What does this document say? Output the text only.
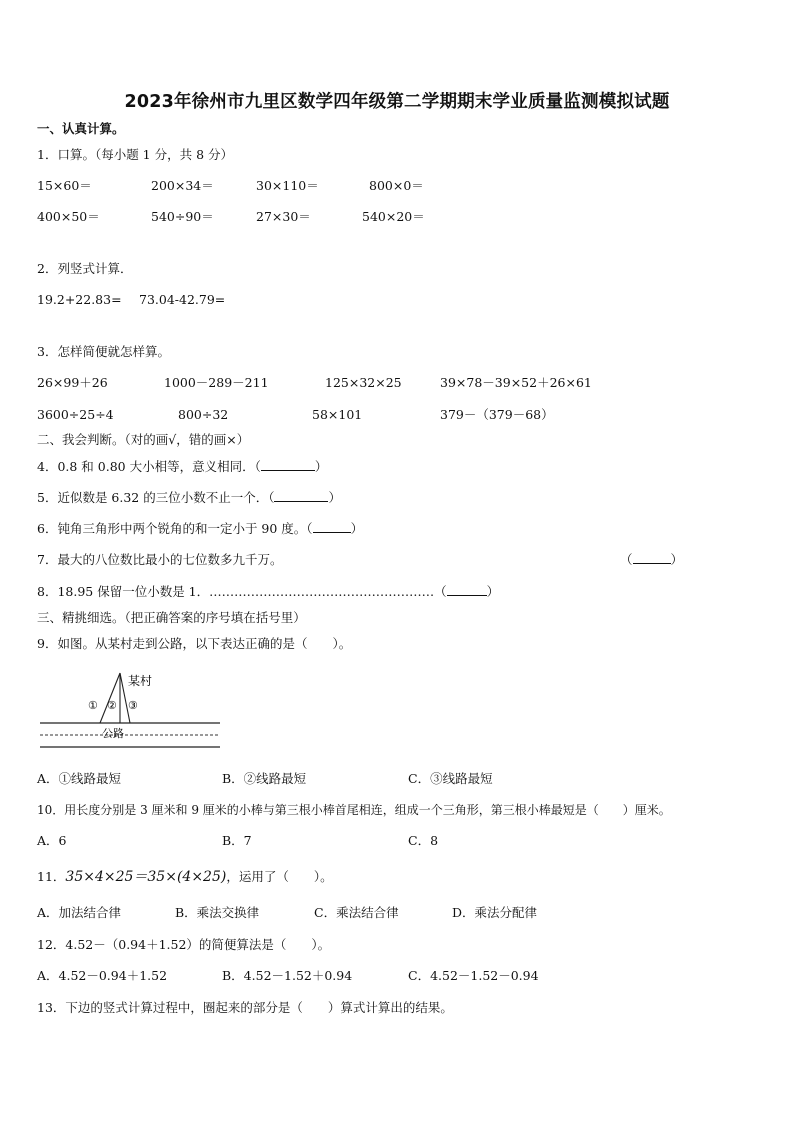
2023年徐州市九里区数学四年级第二学期期末学业质量监测模拟试题
一、认真计算。
1．口算。（每小题 1 分，共 8 分）
15×60＝	200×34＝	30×110＝	800×0＝
400×50＝	540÷90＝	27×30＝	540×20＝
2．列竖式计算．
19.2+22.83= 73.04-42.79=
3．怎样简便就怎样算。
26×99＋26	1000－289－211	125×32×25	39×78－39×52＋26×61
3600÷25÷4	800÷32	58×101	379－（379－68）
二、我会判断。（对的画√，错的画×）
4．0.8 和 0.80 大小相等，意义相同．（	）
5．近似数是 6.32 的三位小数不止一个．（	）
6．钝角三角形中两个锐角的和一定小于 90 度。（	）
7．最大的八位数比最小的七位数多九千万。	（	）
8．18.95 保留一位小数是 1．………………………………………………（	）
三、精挑细选。（把正确答案的序号填在括号里）
9．如图。从某村走到公路，以下表达正确的是（　　）。
某村
公路
① ② ③
A．①线路最短	B．②线路最短	C．③线路最短
10．用长度分别是 3 厘米和 9 厘米的小棒与第三根小棒首尾相连，组成一个三角形，第三根小棒最短是（　　）厘米。
A．6	B．7	C．8
11．35×4×25＝35×(4×25)，运用了（　　）。
A．加法结合律	B．乘法交换律	C．乘法结合律	D．乘法分配律
12．4.52－（0.94＋1.52）的简便算法是（　　）。
A．4.52－0.94＋1.52	B．4.52－1.52＋0.94	C．4.52－1.52－0.94
13．下边的竖式计算过程中，圈起来的部分是（　　）算式计算出的结果。
